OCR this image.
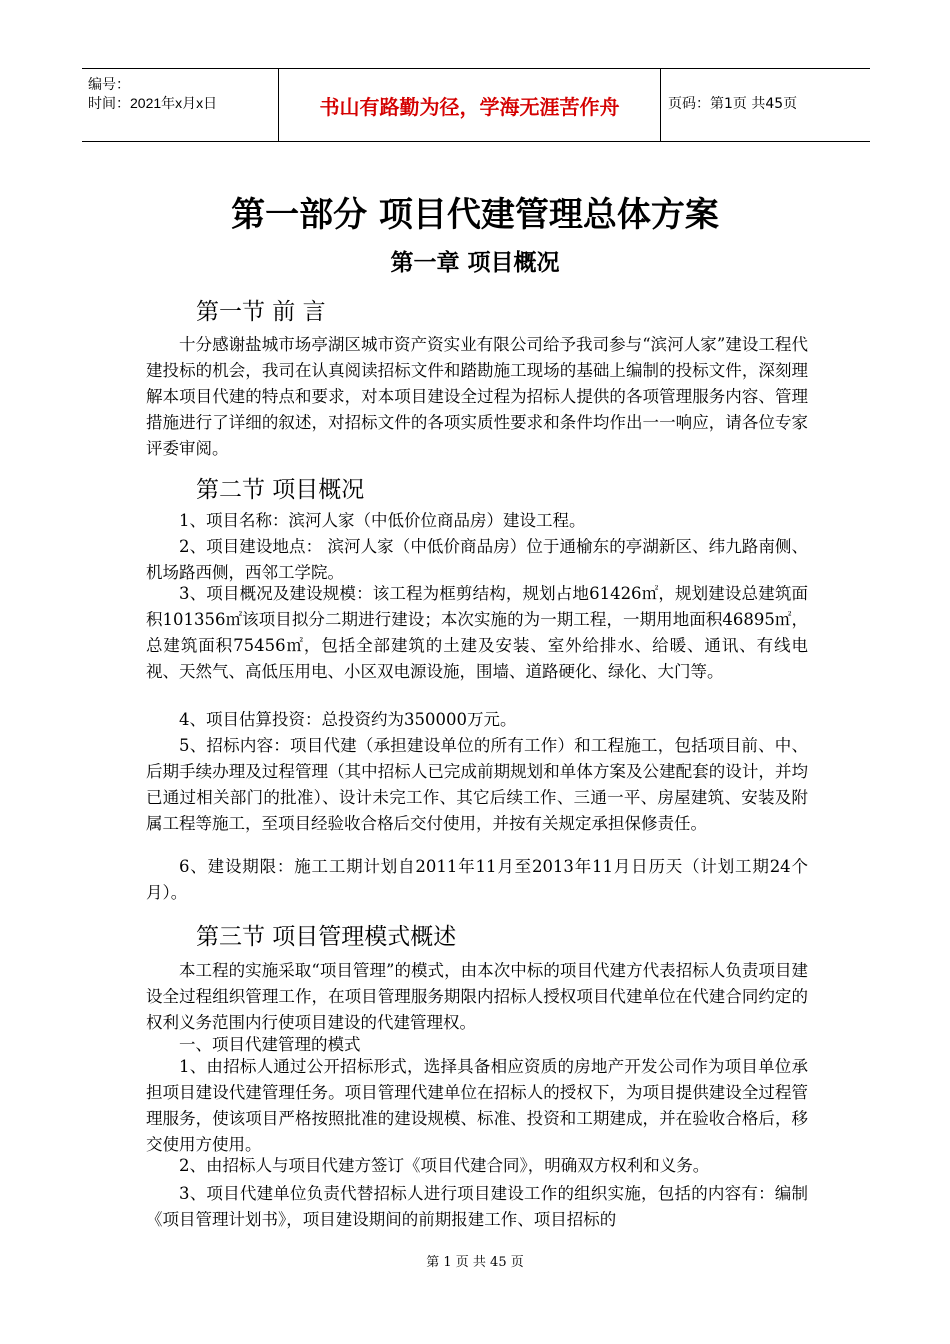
编号：
时间：2021年x月x日	书山有路勤为径，学海无涯苦作舟	页码：第1页 共45页
第一部分 项目代建管理总体方案
第一章 项目概况
第一节 前 言
十分感谢盐城市场亭湖区城市资产资实业有限公司给予我司参与“滨河人家”建设工程代建投标的机会，我司在认真阅读招标文件和踏勘施工现场的基础上编制的投标文件，深刻理解本项目代建的特点和要求，对本项目建设全过程为招标人提供的各项管理服务内容、管理措施进行了详细的叙述，对招标文件的各项实质性要求和条件均作出一一响应，请各位专家评委审阅。
第二节 项目概况
1、项目名称：滨河人家（中低价位商品房）建设工程。
2、项目建设地点： 滨河人家（中低价商品房）位于通榆东的亭湖新区、纬九路南侧、机场路西侧，西邻工学院。
3、项目概况及建设规模：该工程为框剪结构，规划占地61426㎡，规划建设总建筑面积101356㎡该项目拟分二期进行建设；本次实施的为一期工程，一期用地面积46895㎡，总建筑面积75456㎡，包括全部建筑的土建及安装、室外给排水、给暖、通讯、有线电视、天然气、高低压用电、小区双电源设施，围墙、道路硬化、绿化、大门等。
4、项目估算投资：总投资约为350000万元。
5、招标内容：项目代建（承担建设单位的所有工作）和工程施工，包括项目前、中、后期手续办理及过程管理（其中招标人已完成前期规划和单体方案及公建配套的设计，并均已通过相关部门的批准）、设计未完工作、其它后续工作、三通一平、房屋建筑、安装及附属工程等施工，至项目经验收合格后交付使用，并按有关规定承担保修责任。
6、建设期限：施工工期计划自2011年11月至2013年11月日历天（计划工期24个月）。
第三节 项目管理模式概述
本工程的实施采取“项目管理”的模式，由本次中标的项目代建方代表招标人负责项目建设全过程组织管理工作，在项目管理服务期限内招标人授权项目代建单位在代建合同约定的权利义务范围内行使项目建设的代建管理权。
一、项目代建管理的模式
1、由招标人通过公开招标形式，选择具备相应资质的房地产开发公司作为项目单位承担项目建设代建管理任务。项目管理代建单位在招标人的授权下，为项目提供建设全过程管理服务，使该项目严格按照批准的建设规模、标准、投资和工期建成，并在验收合格后，移交使用方使用。
2、由招标人与项目代建方签订《项目代建合同》，明确双方权利和义务。
3、项目代建单位负责代替招标人进行项目建设工作的组织实施，包括的内容有：编制《项目管理计划书》，项目建设期间的前期报建工作、项目招标的
第 1 页 共 45 页
